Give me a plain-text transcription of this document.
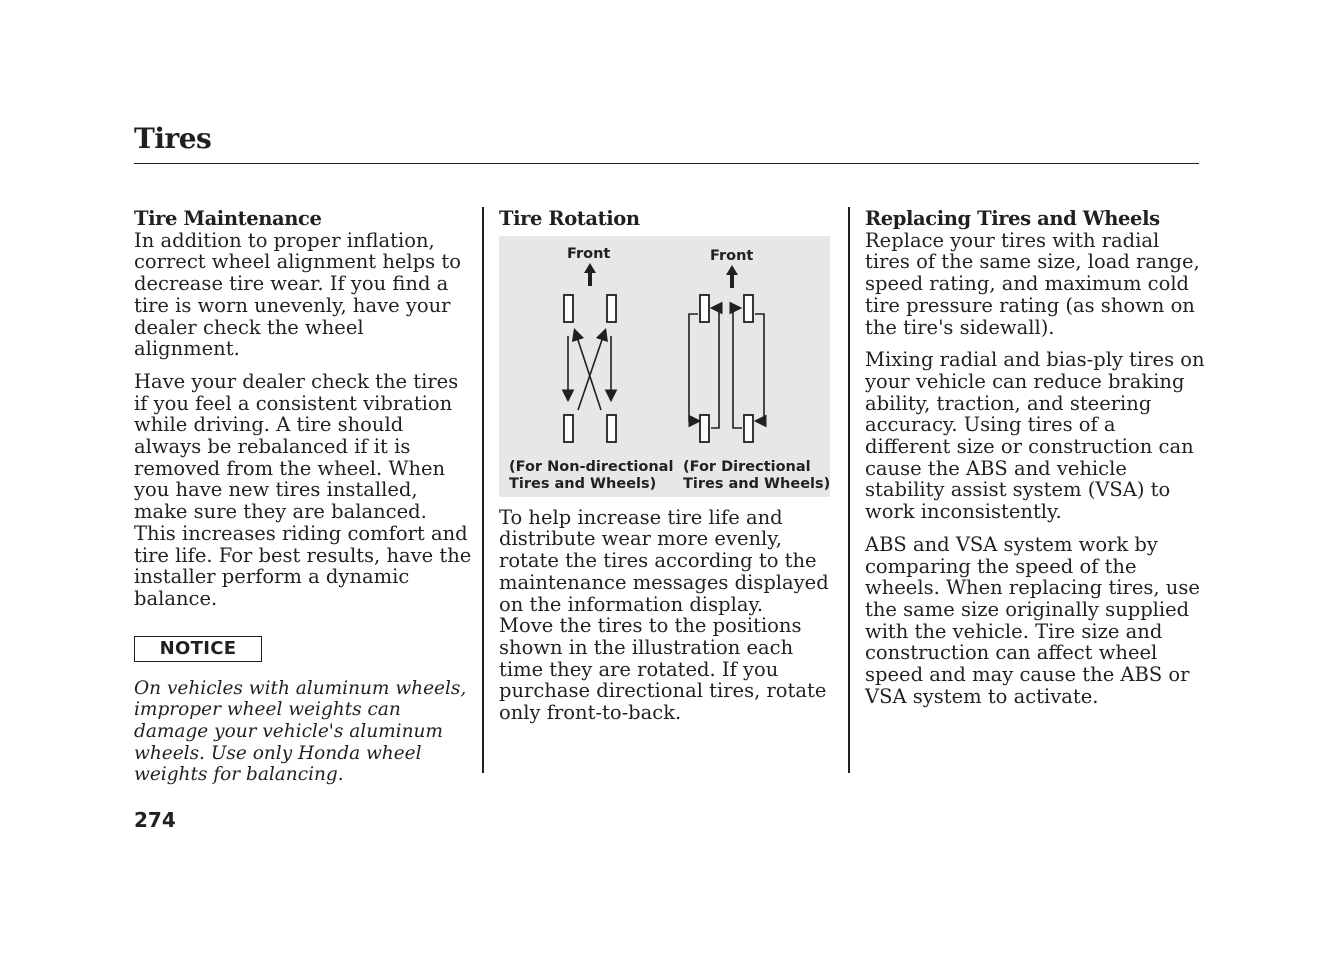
Tires
Tire Maintenance

In addition to proper inflation, correct wheel alignment helps to decrease tire wear. If you find a tire is worn unevenly, have your dealer check the wheel alignment.

Have your dealer check the tires if you feel a consistent vibration while driving. A tire should always be rebalanced if it is removed from the wheel. When you have new tires installed, make sure they are balanced. This increases riding comfort and tire life. For best results, have the installer perform a dynamic balance.

NOTICE
On vehicles with aluminum wheels, improper wheel weights can damage your vehicle's aluminum wheels. Use only Honda wheel weights for balancing.
Tire Rotation
Front	Front
(For Non-directional
Tires and Wheels)
(For Directional
Tires and Wheels)

To help increase tire life and distribute wear more evenly, rotate the tires according to the maintenance messages displayed on the information display.

Move the tires to the positions shown in the illustration each time they are rotated. If you purchase directional tires, rotate only front-to-back.

Replacing Tires and Wheels

Replace your tires with radial tires of the same size, load range, speed rating, and maximum cold tire pressure rating (as shown on the tire's sidewall).

Mixing radial and bias-ply tires on your vehicle can reduce braking ability, traction, and steering accuracy. Using tires of a different size or construction can cause the ABS and vehicle stability assist system (VSA) to work inconsistently.

ABS and VSA system work by comparing the speed of the wheels. When replacing tires, use the same size originally supplied with the vehicle. Tire size and construction can affect wheel speed and may cause the ABS or VSA system to activate.

274
